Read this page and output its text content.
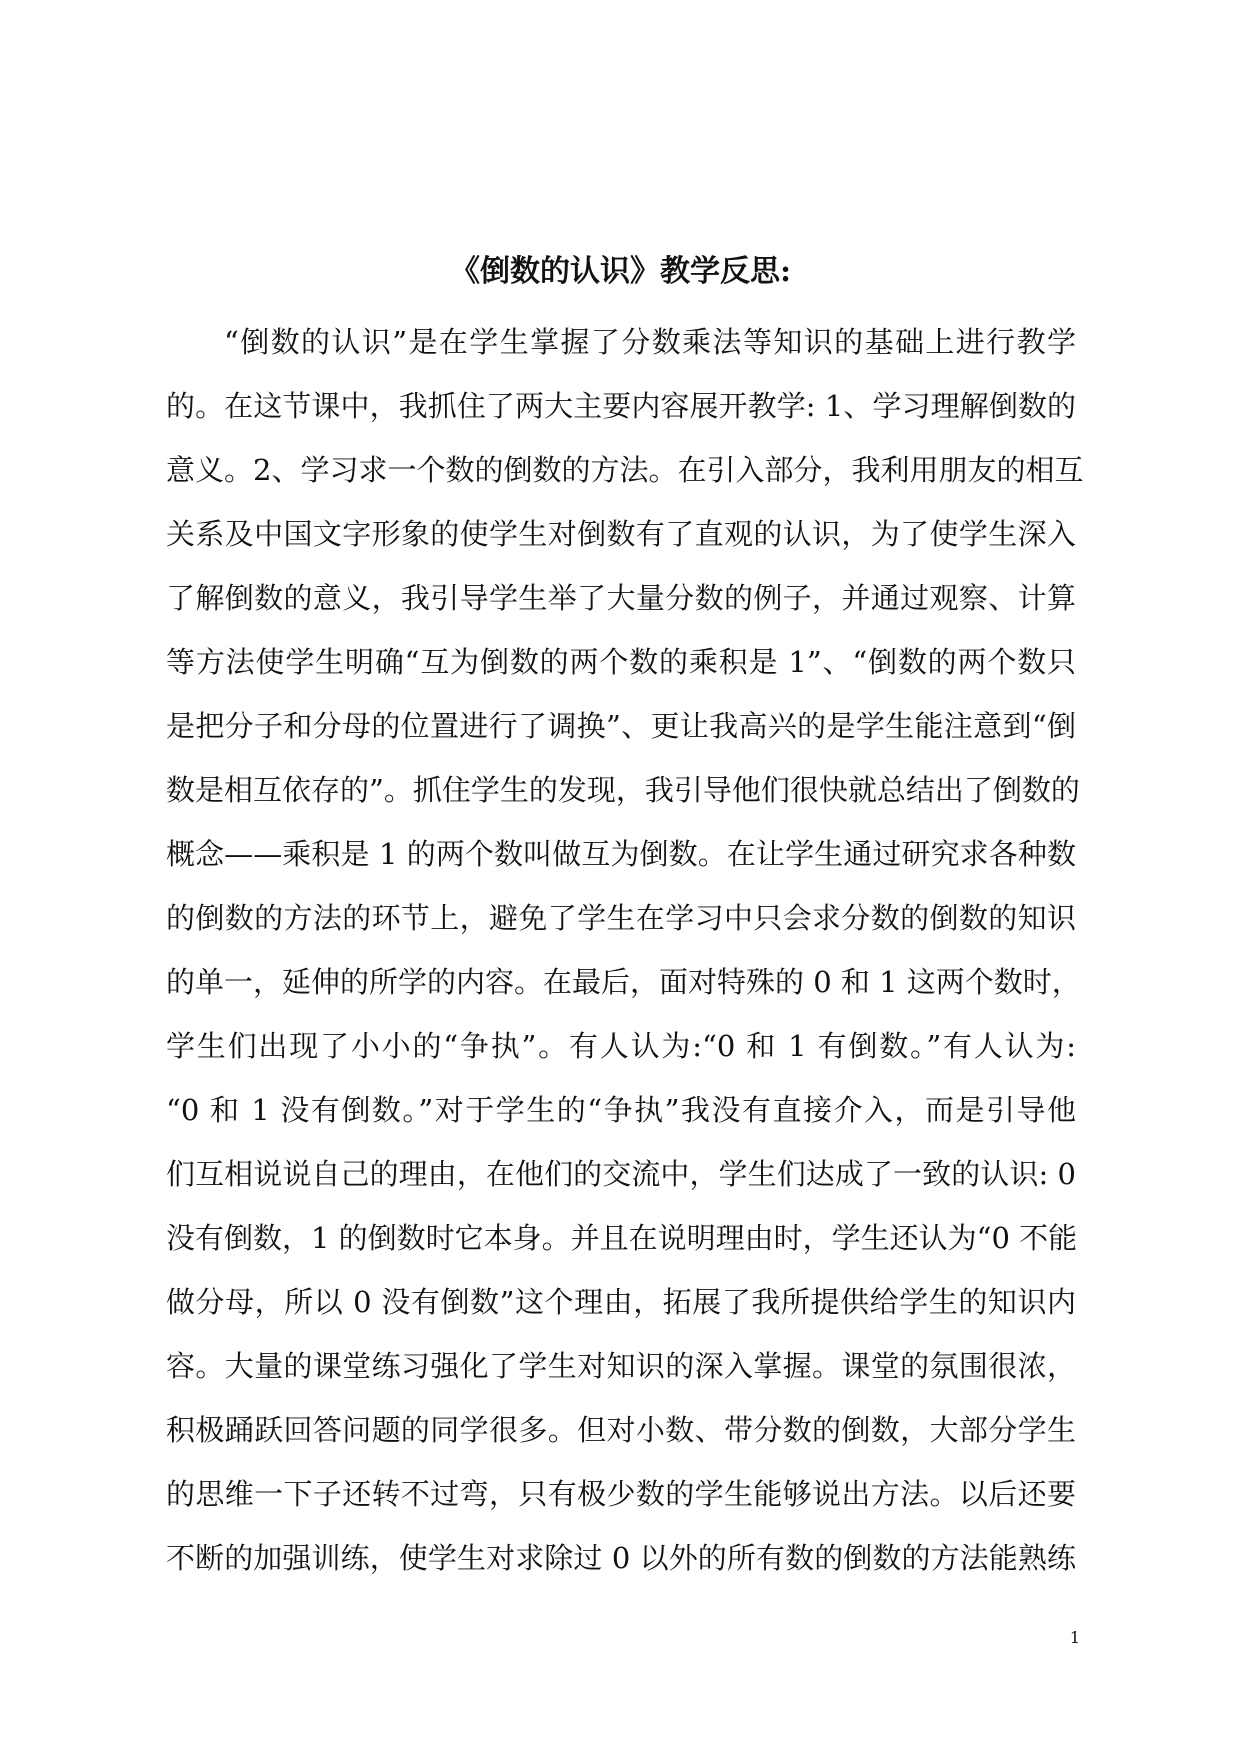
《倒数的认识》教学反思:
“倒数的认识”是在学生掌握了分数乘法等知识的基础上进行教学
的。在这节课中，我抓住了两大主要内容展开教学: 1、学习理解倒数的
意义。2、学习求一个数的倒数的方法。在引入部分，我利用朋友的相互
关系及中国文字形象的使学生对倒数有了直观的认识，为了使学生深入
了解倒数的意义，我引导学生举了大量分数的例子，并通过观察、计算
等方法使学生明确“互为倒数的两个数的乘积是 1”、“倒数的两个数只
是把分子和分母的位置进行了调换”、更让我高兴的是学生能注意到“倒
数是相互依存的”。抓住学生的发现，我引导他们很快就总结出了倒数的
概念——乘积是 1 的两个数叫做互为倒数。在让学生通过研究求各种数
的倒数的方法的环节上，避免了学生在学习中只会求分数的倒数的知识
的单一，延伸的所学的内容。在最后，面对特殊的 0 和 1 这两个数时，
学生们出现了小小的“争执”。有人认为:“0 和 1 有倒数。”有人认为:
“0 和 1 没有倒数。”对于学生的“争执”我没有直接介入，而是引导他
们互相说说自己的理由，在他们的交流中，学生们达成了一致的认识: 0
没有倒数，1 的倒数时它本身。并且在说明理由时，学生还认为“0 不能
做分母，所以 0 没有倒数”这个理由，拓展了我所提供给学生的知识内
容。大量的课堂练习强化了学生对知识的深入掌握。课堂的氛围很浓，
积极踊跃回答问题的同学很多。但对小数、带分数的倒数，大部分学生
的思维一下子还转不过弯，只有极少数的学生能够说出方法。以后还要
不断的加强训练，使学生对求除过 0 以外的所有数的倒数的方法能熟练
1
